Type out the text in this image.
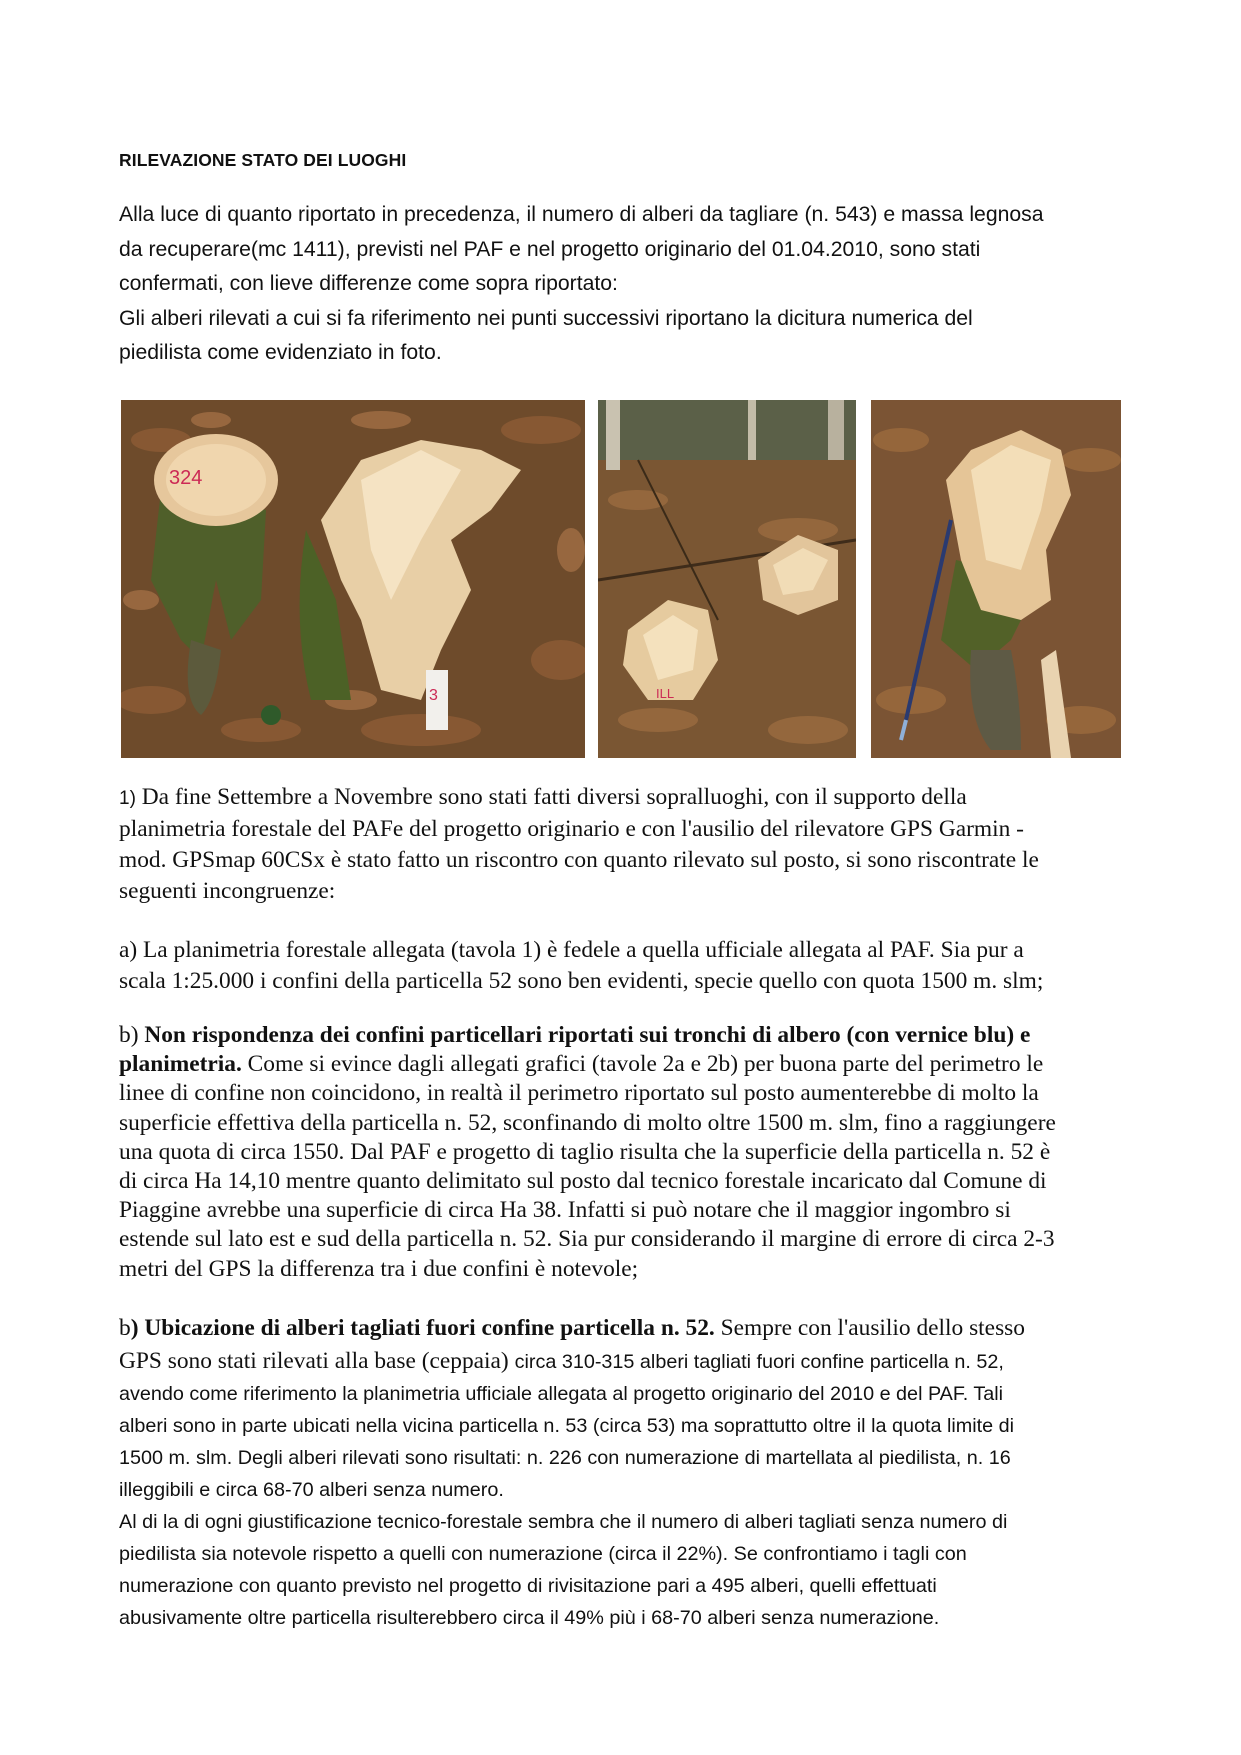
RILEVAZIONE STATO DEI LUOGHI

Alla luce di quanto riportato in precedenza, il numero di alberi da tagliare (n. 543) e massa legnosa

da recuperare(mc 1411), previsti nel PAF e nel progetto originario del 01.04.2010, sono stati

confermati, con lieve differenze come sopra riportato:

Gli alberi rilevati a cui si fa riferimento nei punti successivi riportano la dicitura numerica del

piedilista come evidenziato in foto.

324
3	ILL

1) Da fine Settembre a Novembre sono stati fatti diversi sopralluoghi, con il supporto della

planimetria forestale del PAFe del progetto originario e con l'ausilio del rilevatore GPS Garmin -

mod. GPSmap 60CSx è stato fatto un riscontro con quanto rilevato sul posto, si sono riscontrate le

seguenti incongruenze:

a) La planimetria forestale allegata (tavola 1) è fedele a quella ufficiale allegata al PAF. Sia pur a

scala 1:25.000 i confini della particella 52 sono ben evidenti, specie quello con quota 1500 m. slm;

b) Non rispondenza dei confini particellari riportati sui tronchi di albero (con vernice blu) e

planimetria. Come si evince dagli allegati grafici (tavole 2a e 2b) per buona parte del perimetro le

linee di confine non coincidono, in realtà il perimetro riportato sul posto aumenterebbe di molto la

superficie effettiva della particella n. 52, sconfinando di molto oltre 1500 m. slm, fino a raggiungere

una quota di circa 1550. Dal PAF e progetto di taglio risulta che la superficie della particella n. 52 è

di circa Ha 14,10 mentre quanto delimitato sul posto dal tecnico forestale incaricato dal Comune di

Piaggine avrebbe una superficie di circa Ha 38. Infatti si può notare che il maggior ingombro si

estende sul lato est e sud della particella n. 52. Sia pur considerando il margine di errore di circa 2-3

metri del GPS la differenza tra i due confini è notevole;

b) Ubicazione di alberi tagliati fuori confine particella n. 52. Sempre con l'ausilio dello stesso

GPS sono stati rilevati alla base (ceppaia) circa 310-315 alberi tagliati fuori confine particella n. 52,

avendo come riferimento la planimetria ufficiale allegata al progetto originario del 2010 e del PAF. Tali

alberi sono in parte ubicati nella vicina particella n. 53 (circa 53) ma soprattutto oltre il la quota limite di

1500 m. slm. Degli alberi rilevati sono risultati: n. 226 con numerazione di martellata al piedilista, n. 16

illeggibili e circa 68-70 alberi senza numero.

Al di la di ogni giustificazione tecnico-forestale sembra che il numero di alberi tagliati senza numero di

piedilista sia notevole rispetto a quelli con numerazione (circa il 22%). Se confrontiamo i tagli con

numerazione con quanto previsto nel progetto di rivisitazione pari a 495 alberi, quelli effettuati

abusivamente oltre particella risulterebbero circa il 49% più i 68-70 alberi senza numerazione.
